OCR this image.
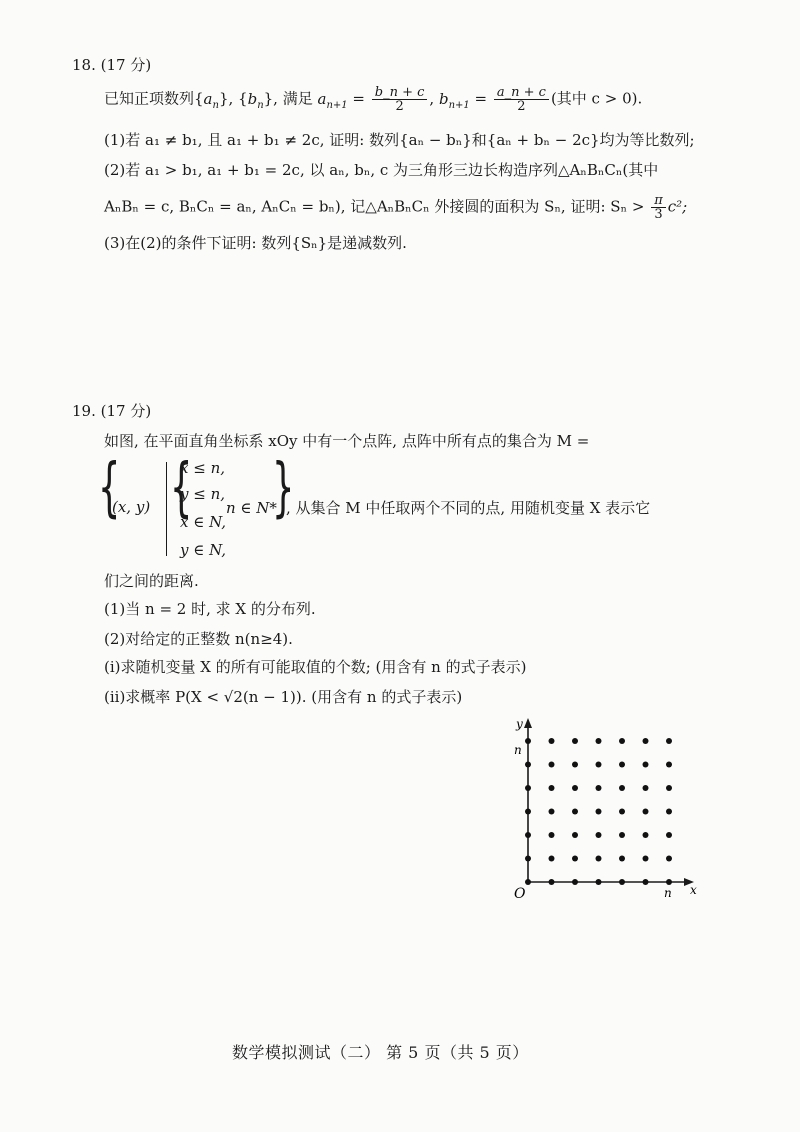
18. (17 分)
已知正项数列$\{a_n\}$, $\{b_n\}$, 满足 $a_{n+1} = \frac{b\_n + c}{2}$ , $b_{n+1} = \frac{a\_n + c}{2}$ (其中 c > 0).
(1)若 a₁ ≠ b₁, 且 a₁ + b₁ ≠ 2c, 证明: 数列{aₙ − bₙ}和{aₙ + bₙ − 2c}均为等比数列;
(2)若 a₁ > b₁, a₁ + b₁ = 2c, 以 aₙ, bₙ, c 为三角形三边长构造序列△AₙBₙCₙ(其中
AₙBₙ = c, BₙCₙ = aₙ, AₙCₙ = bₙ), 记△AₙBₙCₙ 外接圆的面积为 Sₙ, 证明: $S_n > \frac{\pi}{3} c^2$;
(3)在(2)的条件下证明: 数列{Sₙ}是递减数列.
19. (17 分)
如图, 在平面直角坐标系 xOy 中有一个点阵, 点阵中所有点的集合为 M =
{
(x, y) {
x ≤ n,
y ≤ n,
x ∈ N,
y ∈ N,
n ∈ N*
}
, 从集合 M 中任取两个不同的点, 用随机变量 X 表示它
们之间的距离.
(1)当 n = 2 时, 求 X 的分布列.
(2)对给定的正整数 n(n≥4).
(i)求随机变量 X 的所有可能取值的个数; (用含有 n 的式子表示)
(ii)求概率 P(X < √2(n − 1)). (用含有 n 的式子表示)
y
x
O
n
n
数学模拟测试（二） 第 5 页（共 5 页）
